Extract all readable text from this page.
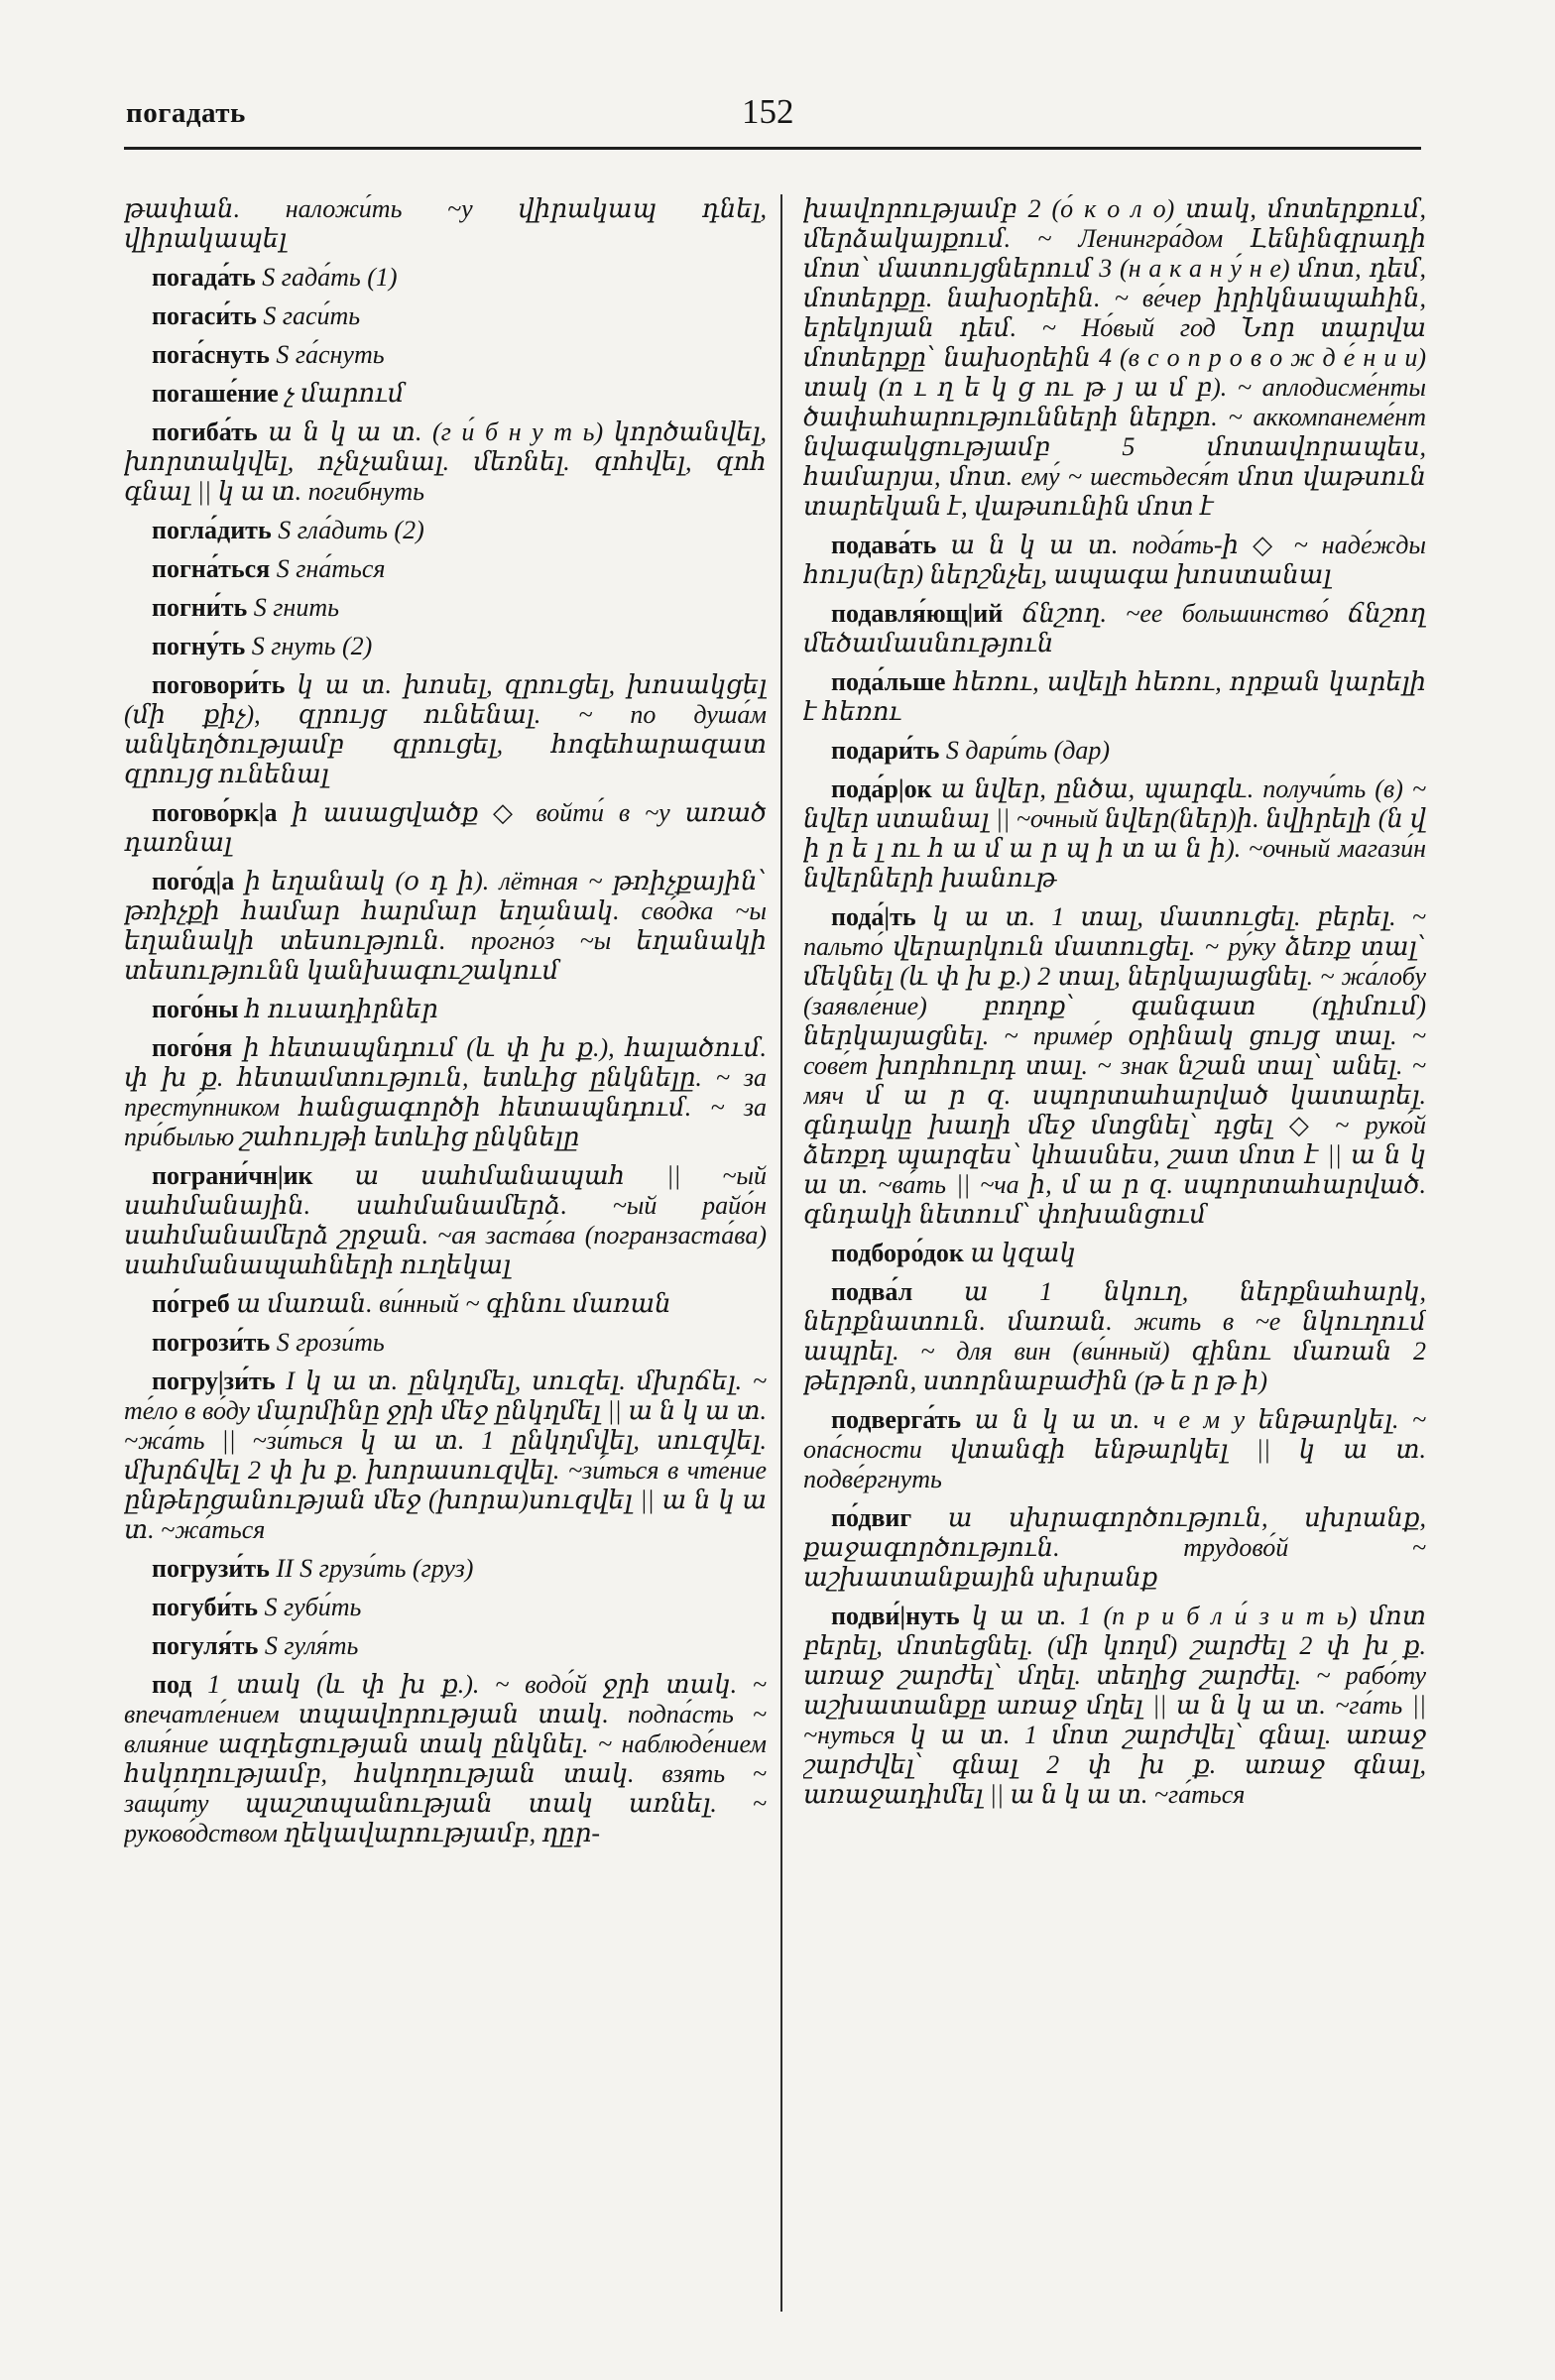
погадать	152

թափան. наложи́ть ~у վիրակապ դնել, վիրակապել

погада́ть S гада́ть (1)

погаси́ть S гаси́ть

пога́снуть S га́снуть

погаше́ние չ մարում

погиба́ть ա ն կ ա տ. (г и́ б н у т ь) կործանվել, խորտակվել, ոչնչանալ. մեռնել. զոհվել, զոհ գնալ || կ ա տ. погибнуть

погла́дить S гла́дить (2)

погна́ться S гна́ться

погни́ть S гнить

погну́ть S гнуть (2)

поговори́ть կ ա տ. խոսել, զրուցել, խոսակցել (մի քիչ), զրույց ունենալ. ~ по душа́м անկեղծությամբ զրուցել, հոգեհարազատ զրույց ունենալ

погово́рк|а ի ասացվածք ◇ войти́ в ~у առած դառնալ

пого́д|а ի եղանակ (օ դ ի). лётная ~ թռիչքային՝ թռիչքի համար հարմար եղանակ. сво́дка ~ы եղանակի տեսություն. прогно́з ~ы եղանակի տեսությունն կանխագուշակում

пого́ны հ ուսադիրներ

пого́ня ի հետապնդում (և փ խ ք.), հալածում. փ խ ք. հետամտություն, ետևից ընկնելը. ~ за престу́пником հանցագործի հետապնդում. ~ за при́былью շահույթի ետևից ընկնելը

пограни́чн|ик ա սահմանապահ || ~ый սահմանային. սահմանամերձ. ~ый райо́н սահմանամերձ շրջան. ~ая заста́ва (погранзаста́ва) սահմանապահների ուղեկալ

по́греб ա մառան. ви́нный ~ գինու մառան

погрози́ть S грози́ть

погру|зи́ть I կ ա տ. ընկղմել, սուզել. մխրճել. ~ те́ло в во́ду մարմինը ջրի մեջ ընկղմել || ա ն կ ա տ. ~жа́ть || ~зи́ться կ ա տ. 1 ընկղմվել, սուզվել. մխրճվել 2 փ խ ք. խորասուզվել. ~зи́ться в чте́ние ընթերցանության մեջ (խորա)սուզվել || ա ն կ ա տ. ~жа́ться

погрузи́ть II S грузи́ть (груз)

погуби́ть S губи́ть

погуля́ть S гуля́ть

под 1 տակ (և փ խ ք.). ~ водо́й ջրի տակ. ~ впечатле́нием տպավորության տակ. подпа́сть ~ влия́ние ազդեցության տակ ընկնել. ~ наблюде́нием հսկողությամբ, հսկողության տակ. взять ~ защи́ту պաշտպանության տակ առնել. ~ руково́дством ղեկավարությամբ, ղըր-

խավորությամբ 2 (о́ к о л о) տակ, մոտերքում, մերձակայքում. ~ Ленингра́дом Լենինգրադի մոտ՝ մատույցներում 3 (н а к а н у́ н е) մոտ, դեմ, մոտերքը. նախօրեին. ~ ве́чер իրիկնապահին, երեկոյան դեմ. ~ Но́вый год Նոր տարվա մոտերքը՝ նախօրեին 4 (в с о п р о в о ж д е́ н и и) տակ (ո ւ ղ ե կ ց ու թ յ ա մ բ). ~ аплодисме́нты ծափահարությունների ներքո. ~ аккомпанеме́нт նվագակցությամբ 5 մոտավորապես, համարյա, մոտ. ему́ ~ шестьдеся́т մոտ վաթսուն տարեկան է, վաթսունին մոտ է

подава́ть ա ն կ ա տ. пода́ть-ի ◇ ~ наде́жды հույս(եր) ներշնչել, ապագա խոստանալ

подавля́ющ|ий ճնշող. ~ее большинство́ ճնշող մեծամասնություն

пода́льше հեռու, ավելի հեռու, որքան կարելի է հեռու

подари́ть S дари́ть (дар)

пода́р|ок ա նվեր, ընծա, պարգև. получи́ть (в) ~ նվեր ստանալ || ~очный նվեր(ներ)ի. նվիրելի (ն վ ի ր ե լ ու հ ա մ ա ր պ ի տ ա ն ի). ~очный магази́н նվերների խանութ

пода́|ть կ ա տ. 1 տալ, մատուցել. բերել. ~ пальто́ վերարկուն մատուցել. ~ ру́ку ձեռք տալ՝ մեկնել (և փ խ ք.) 2 տալ, ներկայացնել. ~ жа́лобу (заявле́ние) բողոք՝ գանգատ (դիմում) ներկայացնել. ~ приме́р օրինակ ցույց տալ. ~ сове́т խորհուրդ տալ. ~ знак նշան տալ՝ անել. ~ мяч մ ա ր զ. սպորտահարված կատարել. գնդակը խաղի մեջ մտցնել՝ դցել ◇ ~ руко́й ձեռքդ պարզես՝ կհասնես, շատ մոտ է || ա ն կ ա տ. ~ва́ть || ~ча ի, մ ա ր զ. սպորտահարված. գնդակի նետում՝ փոխանցում

подборо́док ա կզակ

подва́л ա 1 նկուղ, ներքնահարկ, ներքնատուն. մառան. жить в ~е նկուղում ապրել. ~ для вин (ви́нный) գինու մառան 2 թերթոն, ստորնաբաժին (թ ե ր թ ի)

подверга́ть ա ն կ ա տ. ч е м у ենթարկել. ~ опа́сности վտանգի ենթարկել || կ ա տ. подве́ргнуть

по́двиг ա սխրագործություն, սխրանք, քաջագործություն. трудово́й ~ աշխատանքային սխրանք

подви́|нуть կ ա տ. 1 (п р и б л и́ з и т ь) մոտ բերել, մոտեցնել. (մի կողմ) շարժել 2 փ խ ք. առաջ շարժել՝ մղել. տեղից շարժել. ~ рабо́ту աշխատանքը առաջ մղել || ա ն կ ա տ. ~га́ть || ~нуться կ ա տ. 1 մոտ շարժվել՝ գնալ. առաջ շարժվել՝ գնալ 2 փ խ ք. առաջ գնալ, առաջադիմել || ա ն կ ա տ. ~га́ться
